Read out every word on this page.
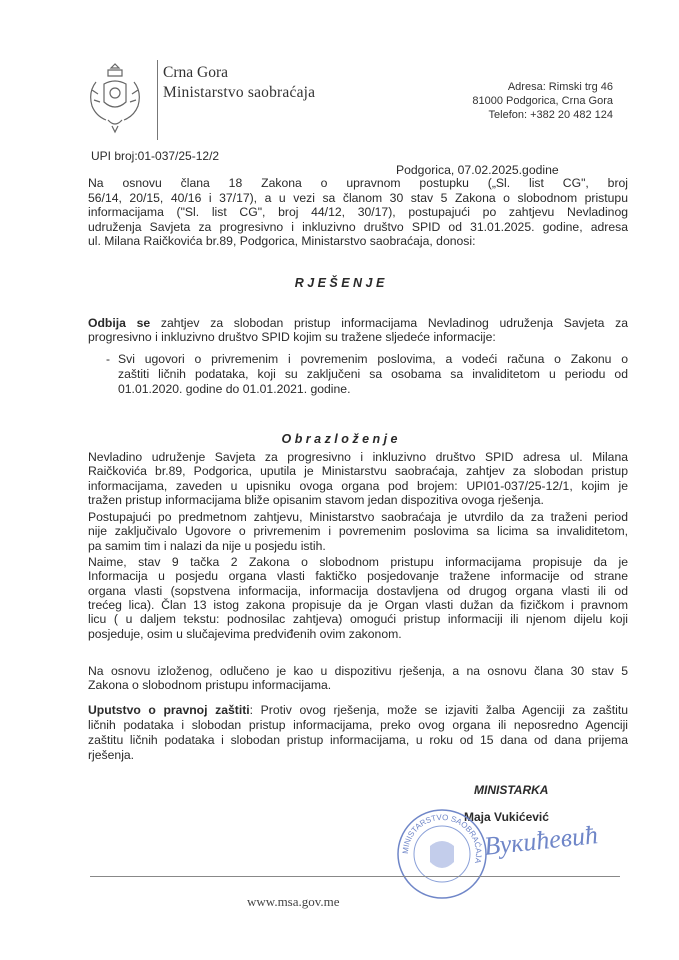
Crna Gora
Ministarstvo saobraćaja	Adresa: Rimski trg 46
81000 Podgorica, Crna Gora
Telefon: +382 20 482 124
UPI broj:01-037/25-12/2
Podgorica, 07.02.2025.godine
Na osnovu člana 18 Zakona o upravnom postupku („Sl. list CG", broj
56/14, 20/15, 40/16 i 37/17), a u vezi sa članom 30 stav 5 Zakona o slobodnom pristupu
informacijama ("Sl. list CG", broj 44/12, 30/17), postupajući po zahtjevu Nevladinog
udruženja Savjeta za progresivno i inkluzivno društvo SPID od 31.01.2025. godine, adresa
ul. Milana Raičkovića br.89, Podgorica, Ministarstvo saobraćaja, donosi:
R J E Š E N J E
Odbija se zahtjev za slobodan pristup informacijama Nevladinog udruženja Savjeta za
progresivno i inkluzivno društvo SPID kojim su tražene sljedeće informacije:
- Svi ugovori o privremenim i povremenim poslovima, a vodeći računa o Zakonu o
zaštiti ličnih podataka, koji su zaključeni sa osobama sa invaliditetom u periodu od
01.01.2020. godine do 01.01.2021. godine.
O b r a z l o ž e n j e
Nevladino udruženje Savjeta za progresivno i inkluzivno društvo SPID adresa ul. Milana
Raičkovića br.89, Podgorica, uputila je Ministarstvu saobraćaja, zahtjev za slobodan pristup
informacijama, zaveden u upisniku ovoga organa pod brojem: UPI01-037/25-12/1, kojim je
tražen pristup informacijama bliže opisanim stavom jedan dispozitiva ovoga rješenja.
Postupajući po predmetnom zahtjevu, Ministarstvo saobraćaja je utvrdilo da za traženi period
nije zaključivalo Ugovore o privremenim i povremenim poslovima sa licima sa invaliditetom,
pa samim tim i nalazi da nije u posjedu istih.
Naime, stav 9 tačka 2 Zakona o slobodnom pristupu informacijama propisuje da je
Informacija u posjedu organa vlasti faktičko posjedovanje tražene informacije od strane
organa vlasti (sopstvena informacija, informacija dostavljena od drugog organa vlasti ili od
trećeg lica). Član 13 istog zakona propisuje da je Organ vlasti dužan da fizičkom i pravnom
licu ( u daljem tekstu: podnosilac zahtjeva) omogući pristup informaciji ili njenom dijelu koji
posjeduje, osim u slučajevima predviđenih ovim zakonom.
Na osnovu izloženog, odlučeno je kao u dispozitivu rješenja, a na osnovu člana 30 stav 5
Zakona o slobodnom pristupu informacijama.
Uputstvo o pravnoj zaštiti: Protiv ovog rješenja, može se izjaviti žalba Agenciji za zaštitu
ličnih podataka i slobodan pristup informacijama, preko ovog organa ili neposredno Agenciji
zaštitu ličnih podataka i slobodan pristup informacijama, u roku od 15 dana od dana prijema
rješenja.
MINISTARKA
Maja Vukićević
MINISTARSTVO SAOBRAĆAJA Вукићевић
www.msa.gov.me
